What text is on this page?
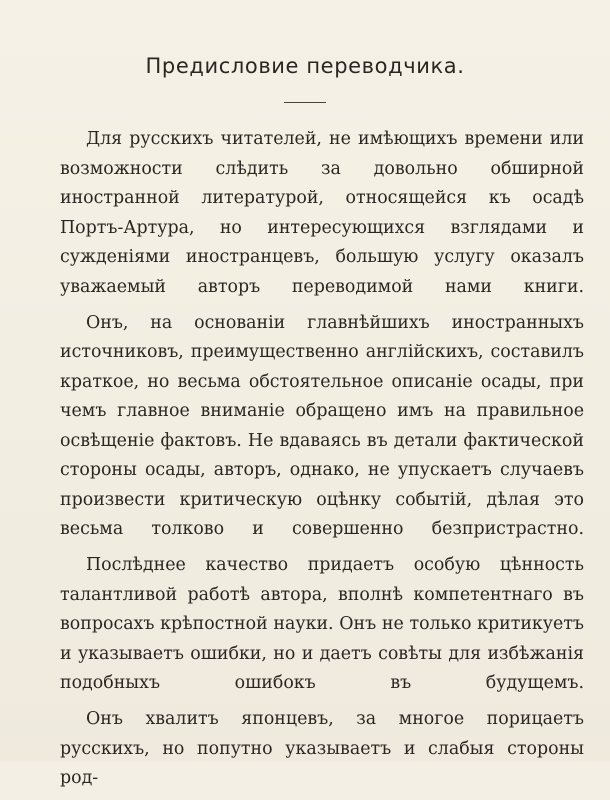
Предисловие переводчика.

Для русскихъ читателей, не имѣющихъ времени или возможности слѣдить за довольно обширной иностранной литературой, относящейся къ осадѣ Портъ-Артура, но интересующихся взглядами и сужденіями иностранцевъ, большую услугу оказалъ уважаемый авторъ переводимой нами книги.

Онъ, на основаніи главнѣйшихъ иностранныхъ источниковъ, преимущественно англійскихъ, составилъ краткое, но весьма обстоятельное описаніе осады, при чемъ главное вниманіе обращено имъ на правильное освѣщеніе фактовъ. Не вдаваясь въ детали фактической стороны осады, авторъ, однако, не упускаетъ случаевъ произвести критическую оцѣнку событій, дѣлая это весьма толково и совершенно безпристрастно.

Послѣднее качество придаетъ особую цѣнность талантливой работѣ автора, вполнѣ компетентнаго въ вопросахъ крѣпостной науки. Онъ не только критикуетъ и указываетъ ошибки, но и даетъ совѣты для избѣжанія подобныхъ ошибокъ въ будущемъ.

Онъ хвалитъ японцевъ, за многое порицаетъ русскихъ, но попутно указываетъ и слабыя стороны род-
